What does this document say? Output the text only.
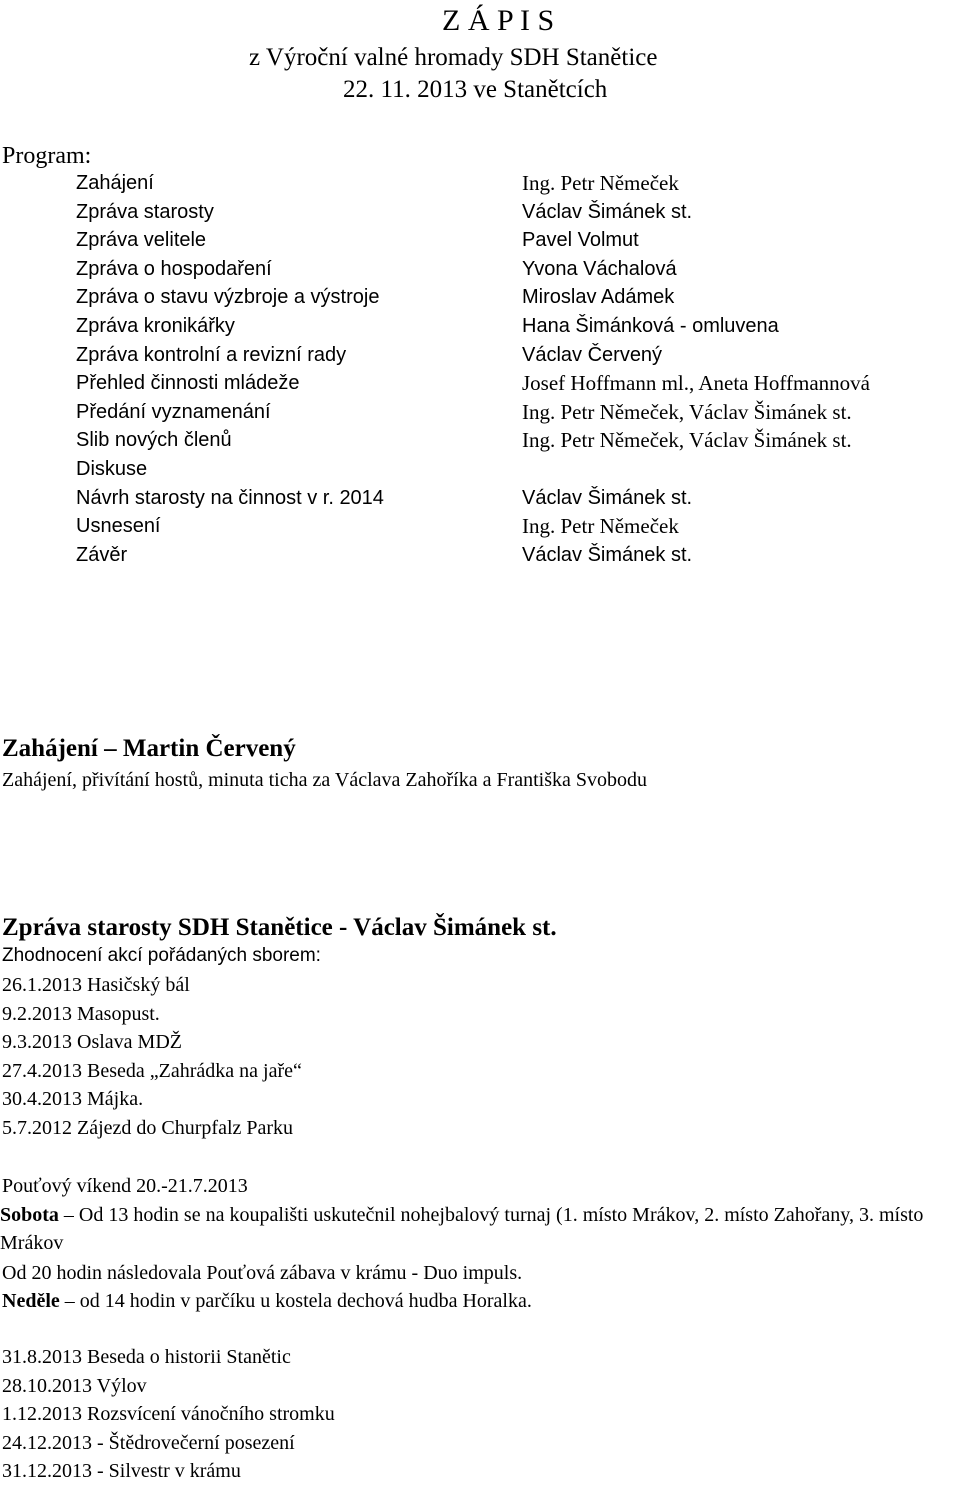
Z Á P I S
z Výroční valné hromady SDH Stanětice
22. 11. 2013 ve Stanětcích
Program:
Zahájení
Zpráva starosty
Zpráva velitele
Zpráva o hospodaření
Zpráva o stavu výzbroje a výstroje
Zpráva kronikářky
Zpráva kontrolní a revizní rady
Přehled činnosti mládeže
Předání vyznamenání
Slib nových členů
Diskuse
Návrh starosty na činnost v r. 2014
Usnesení
Závěr
Ing. Petr Němeček
Václav Šimánek st.
Pavel Volmut
Yvona Váchalová
Miroslav Adámek
Hana Šimánková - omluvena
Václav Červený
Josef Hoffmann ml., Aneta Hoffmannová
Ing. Petr Němeček, Václav Šimánek st.
Ing. Petr Němeček, Václav Šimánek st.
Václav Šimánek st.
Ing. Petr Němeček
Václav Šimánek st.
Zahájení – Martin Červený
Zahájení, přivítání hostů, minuta ticha za Václava Zahoříka a Františka Svobodu
Zpráva starosty SDH Stanětice - Václav Šimánek st.
Zhodnocení akcí pořádaných sborem:
26.1.2013 Hasičský bál
9.2.2013 Masopust.
9.3.2013 Oslava MDŽ
27.4.2013 Beseda „Zahrádka na jaře“
30.4.2013 Májka.
5.7.2012 Zájezd do Churpfalz Parku
Pouťový víkend 20.-21.7.2013
Sobota – Od 13 hodin se na koupališti uskutečnil nohejbalový turnaj (1. místo Mrákov, 2. místo Zahořany, 3. místo Mrákov
Od 20 hodin následovala Pouťová zábava v krámu - Duo impuls.
Neděle – od 14 hodin v parčíku u kostela dechová hudba Horalka.
31.8.2013 Beseda o historii Stanětic
28.10.2013 Výlov
1.12.2013 Rozsvícení vánočního stromku
24.12.2013 - Štědrovečerní posezení
31.12.2013 - Silvestr v krámu
